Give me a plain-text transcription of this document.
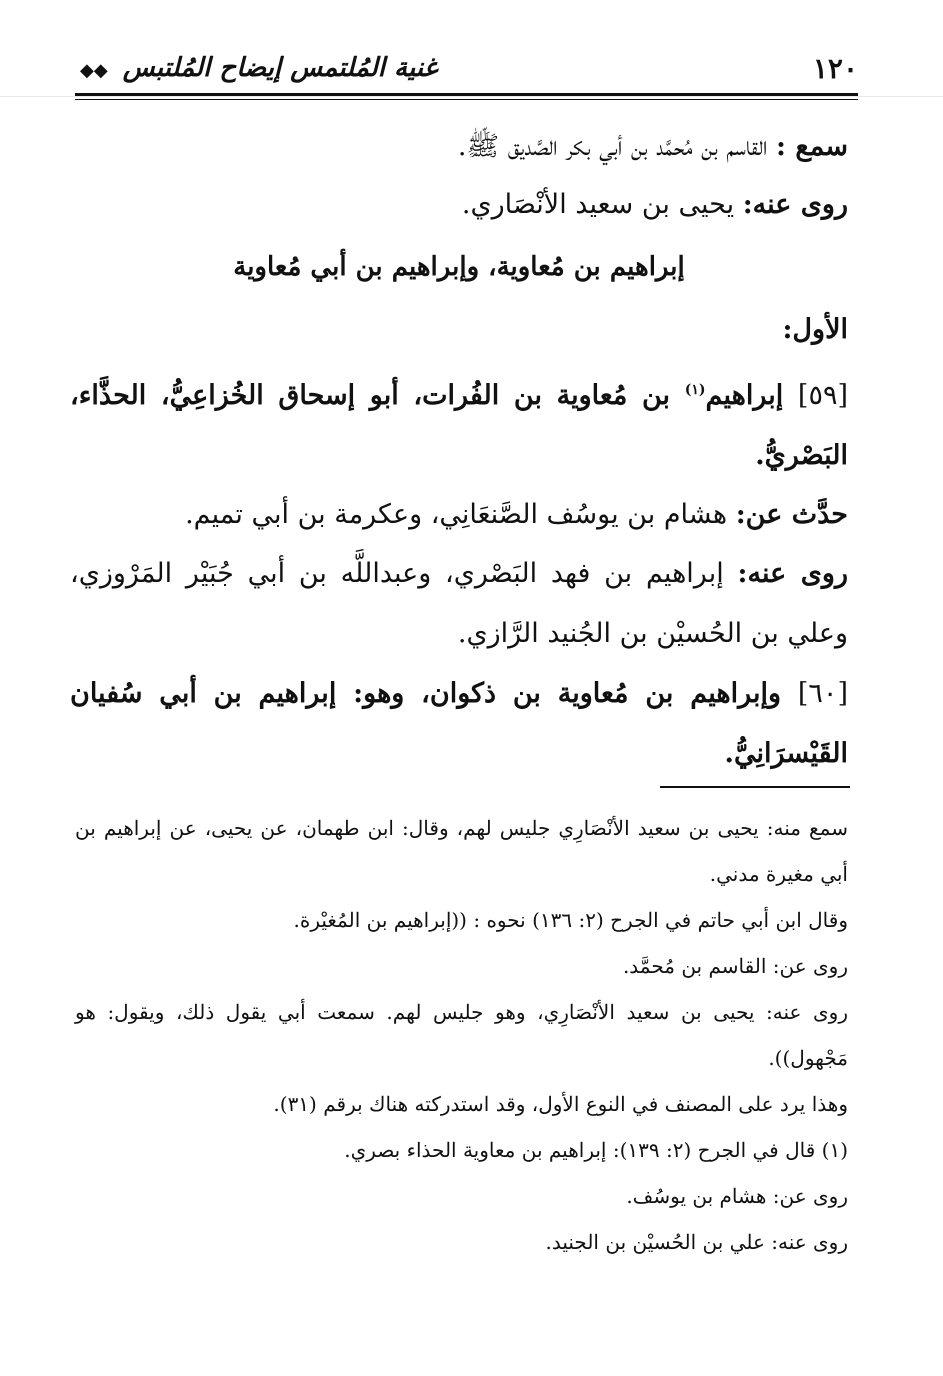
١٢٠
غنية المُلتمس إيضاح المُلتبس ◆◆
سمع : القاسم بن مُحمَّد بن أبي بكر الصَّديق ﷺ.
روى عنه: يحيى بن سعيد الأنْصَاري.
إبراهيم بن مُعاوية، وإبراهيم بن أبي مُعاوية
الأول:
[٥٩] إبراهيم$^{(١)}$ بن مُعاوية بن الفُرات، أبو إسحاق الخُزاعِيُّ، الحذَّاء، البَصْريُّ.
حدَّث عن: هشام بن يوسُف الصَّنعَانِي، وعكرمة بن أبي تميم.
روى عنه: إبراهيم بن فهد البَصْري، وعبداللَّه بن أبي جُبَيْر المَرْوزي، وعلي بن الحُسيْن بن الجُنيد الرَّازي.
[٦٠] وإبراهيم بن مُعاوية بن ذكوان، وهو: إبراهيم بن أبي سُفيان القَيْسرَانِيُّ.
سمع منه: يحيى بن سعيد الأنْصَارِي جليس لهم، وقال: ابن طهمان، عن يحيى، عن إبراهيم بن أبي مغيرة مدني.
وقال ابن أبي حاتم في الجرح (٢: ١٣٦) نحوه : ((إبراهيم بن المُغيْرة.
روى عن: القاسم بن مُحمَّد.
روى عنه: يحيى بن سعيد الأنْصَارِي، وهو جليس لهم. سمعت أبي يقول ذلك، ويقول: هو مَجْهول)).
وهذا يرد على المصنف في النوع الأول، وقد استدركته هناك برقم (٣١).
(١) قال في الجرح (٢: ١٣٩): إبراهيم بن معاوية الحذاء بصري.
روى عن: هشام بن يوسُف.
روى عنه: علي بن الحُسيْن بن الجنيد.
